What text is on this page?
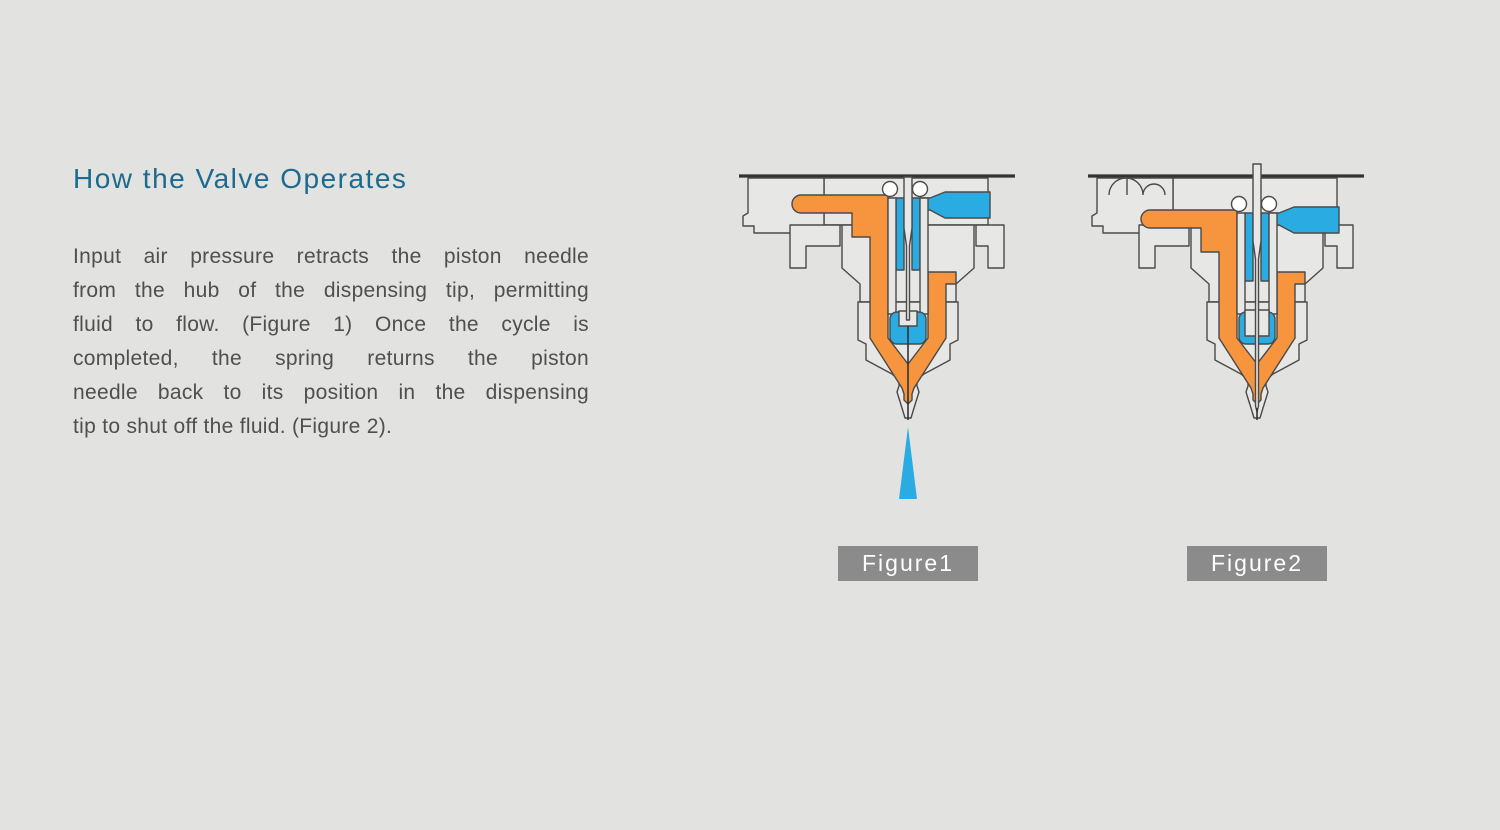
How the Valve Operates
Input air pressure retracts the piston needle
from the hub of the dispensing tip, permitting
fluid to flow. (Figure 1) Once the cycle is
completed, the spring returns the piston
needle back to its position in the dispensing
tip to shut off the fluid. (Figure 2).
Figure1	Figure2
